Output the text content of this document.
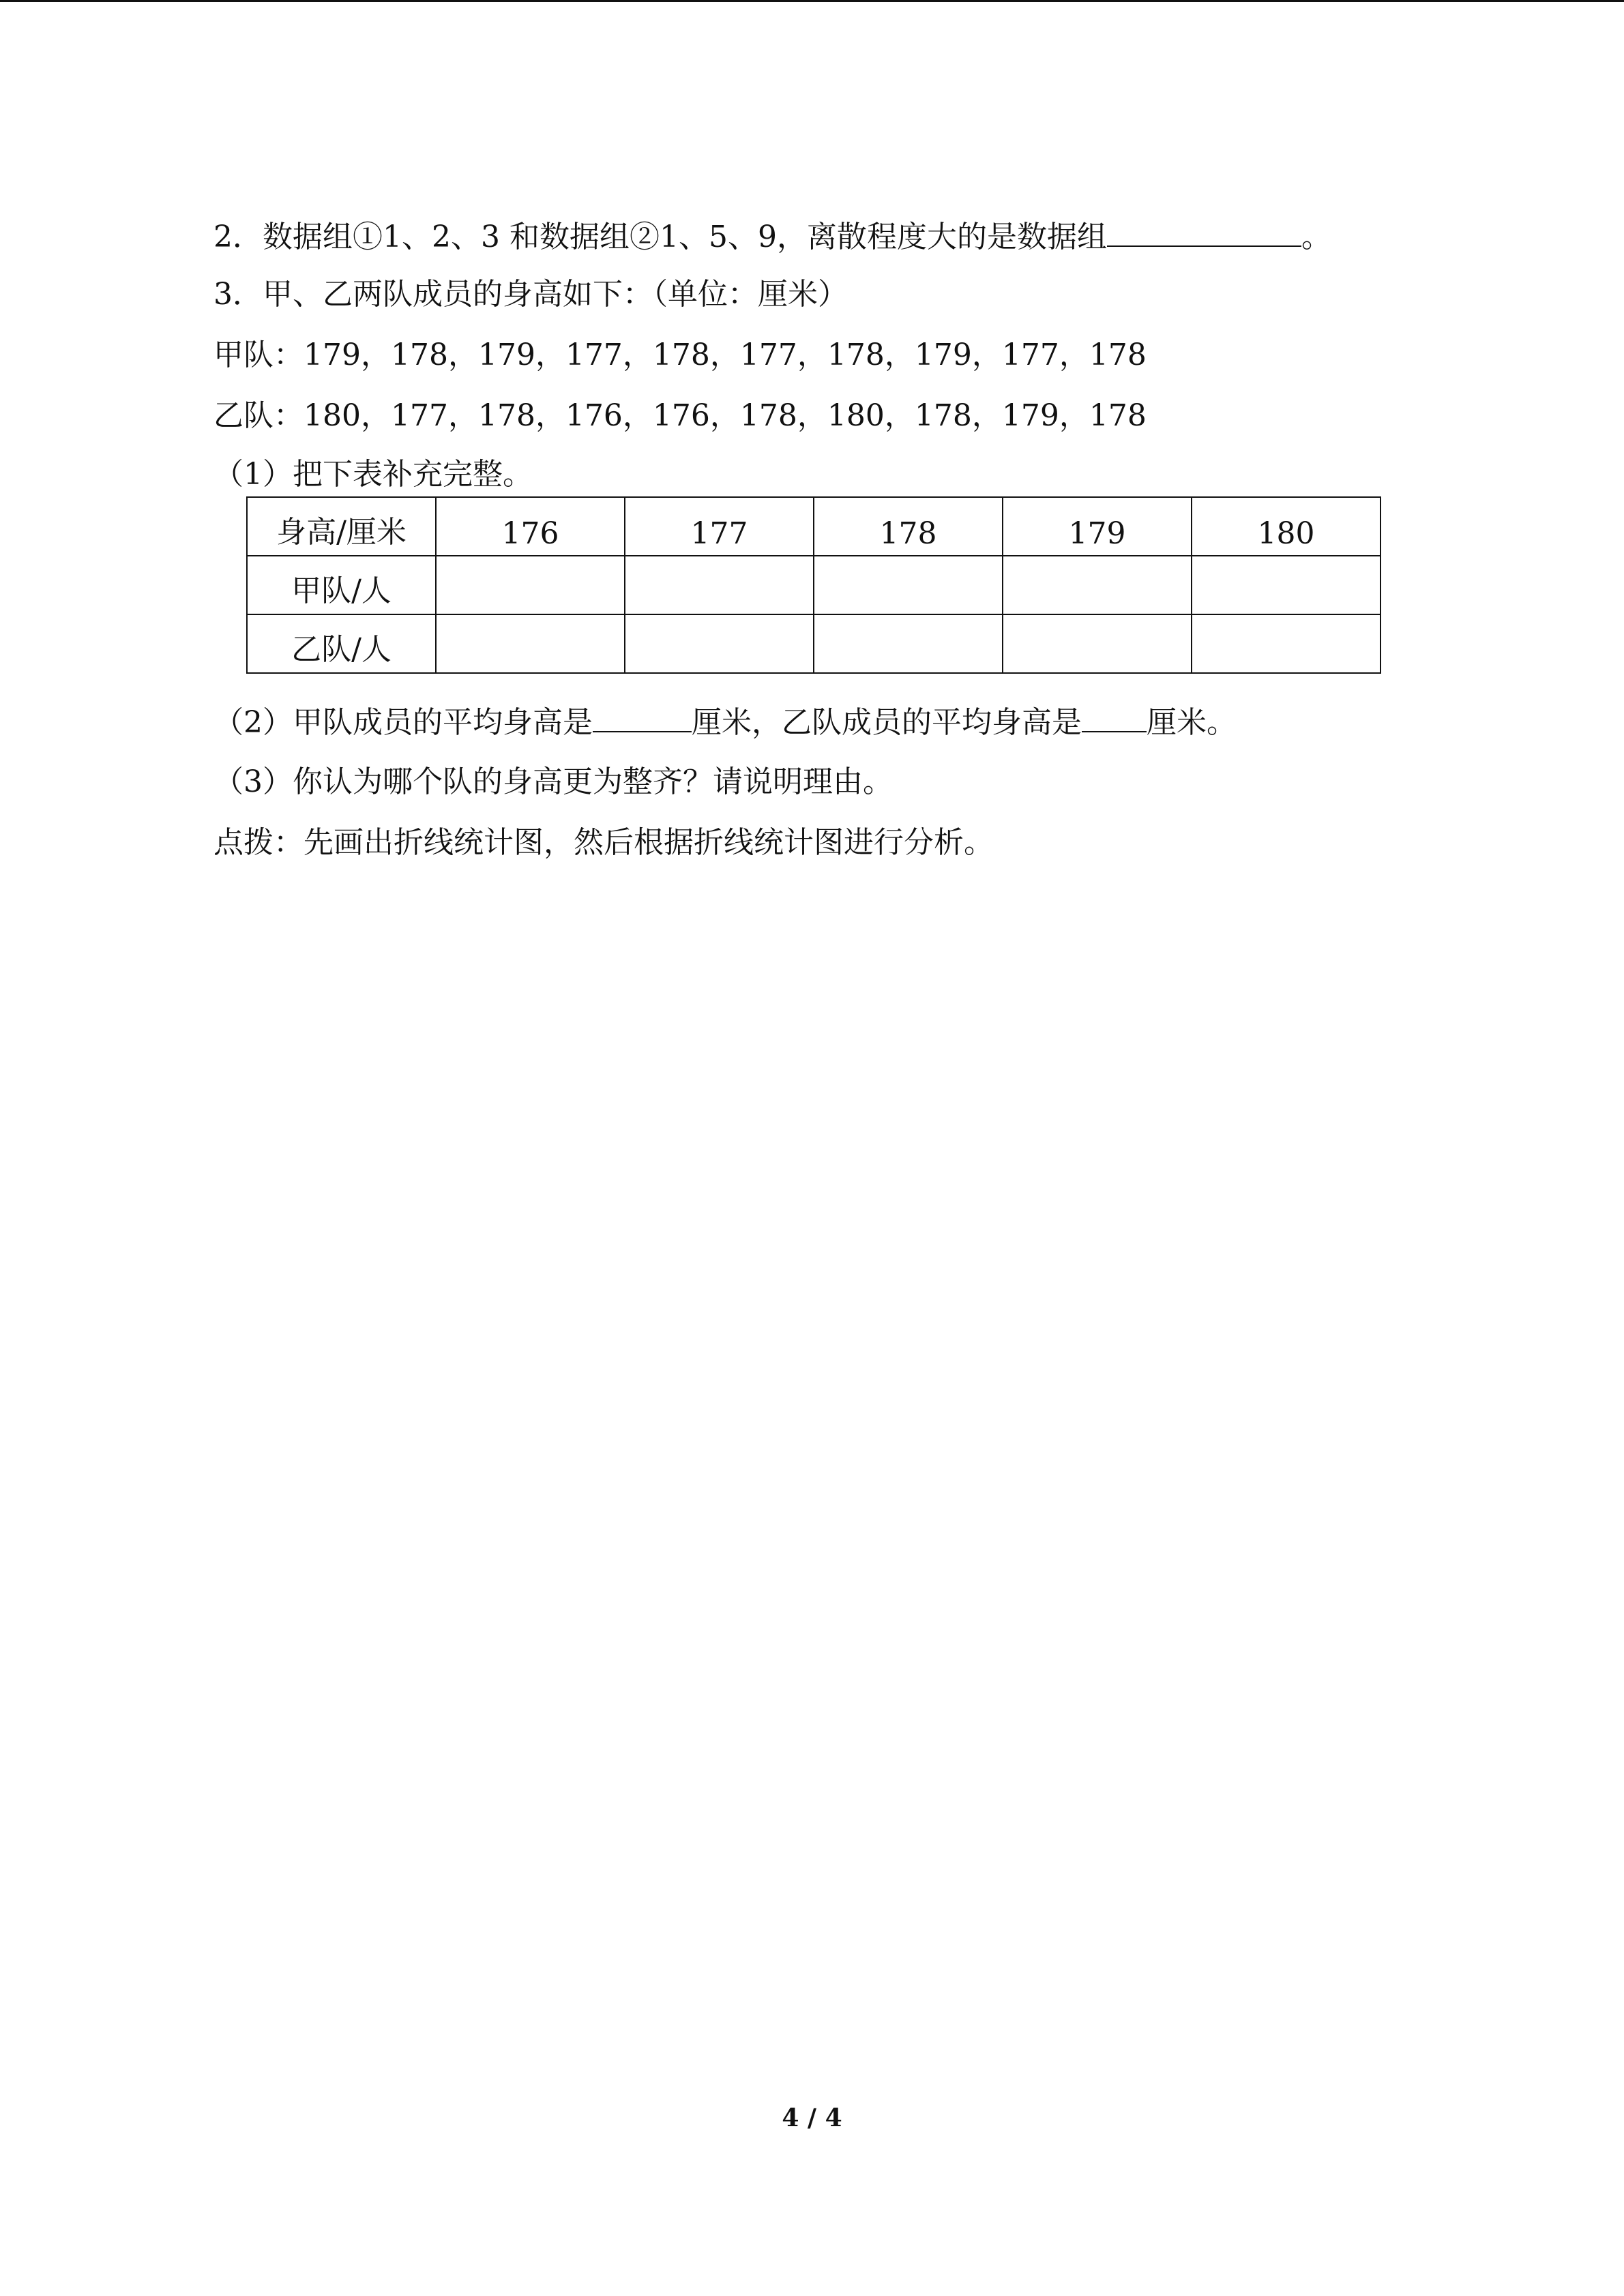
2．数据组①1、2、3 和数据组②1、5、9，离散程度大的是数据组	。
3．甲、乙两队成员的身高如下：（单位：厘米）
甲队：179，178，179，177，178，177，178，179，177，178
乙队：180，177，178，176，176，178，180，178，179，178
（1）把下表补充完整。
身高/厘米	176	177	178	179	180
甲队/人					
乙队/人					
（2）甲队成员的平均身高是	厘米，乙队成员的平均身高是 厘米。
（3）你认为哪个队的身高更为整齐？请说明理由。
点拨：先画出折线统计图，然后根据折线统计图进行分析。
4 / 4
